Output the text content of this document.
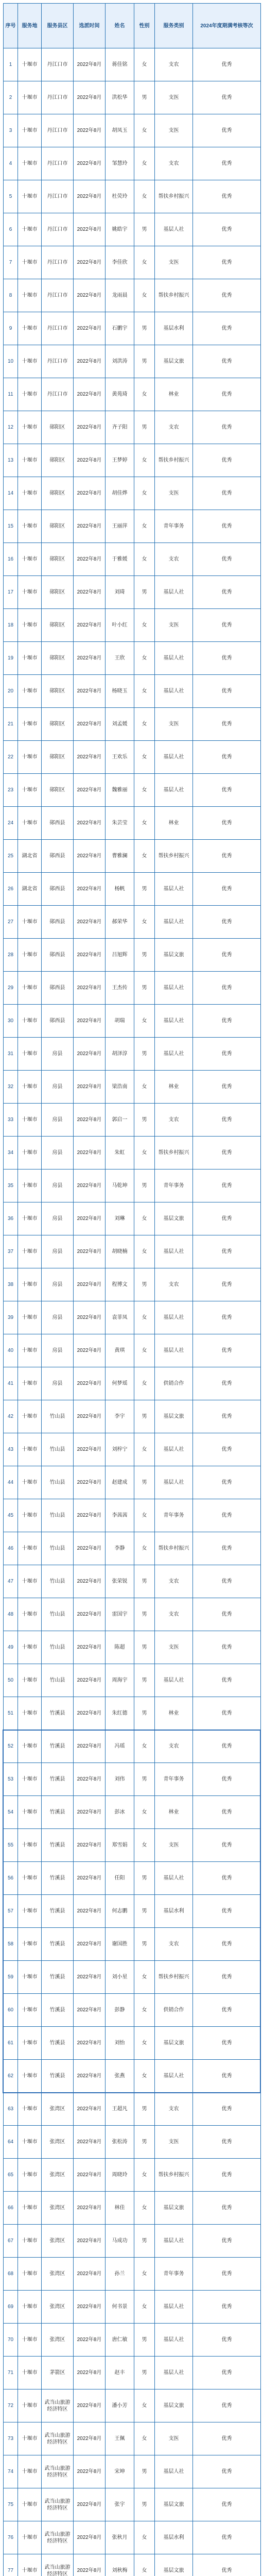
序号	服务地	服务县区	选派时间	姓名	性别	服务类别	2024年度期满考核等次
1	十堰市	丹江口市	2022年8月	蒋佳铭	女	支农	优秀
2	十堰市	丹江口市	2022年8月	洪松华	男	支医	优秀
3	十堰市	丹江口市	2022年8月	胡凤玉	女	支医	优秀
4	十堰市	丹江口市	2022年8月	邹慧玲	女	支农	优秀
5	十堰市	丹江口市	2022年8月	杜荧玲	女	帮扶乡村振兴	优秀
6	十堰市	丹江口市	2022年8月	姚皓宇	男	基层人社	优秀
7	十堰市	丹江口市	2022年8月	李佳欣	女	支医	优秀
8	十堰市	丹江口市	2022年8月	龙雨晨	女	帮扶乡村振兴	优秀
9	十堰市	丹江口市	2022年8月	石鹏宇	男	基层水利	优秀
10	十堰市	丹江口市	2022年8月	刘洪涛	男	基层文旅	优秀
11	十堰市	丹江口市	2022年8月	黄苑琦	女	林业	优秀
12	十堰市	郧阳区	2022年8月	齐子阳	男	支农	优秀
13	十堰市	郧阳区	2022年8月	王梦婷	女	帮扶乡村振兴	优秀
14	十堰市	郧阳区	2022年8月	胡佳烨	女	支医	优秀
15	十堰市	郧阳区	2022年8月	王丽萍	女	青年事务	优秀
16	十堰市	郧阳区	2022年8月	于雅媛	女	支农	优秀
17	十堰市	郧阳区	2022年8月	刘琦	男	基层人社	优秀
18	十堰市	郧阳区	2022年8月	叶小红	女	支医	优秀
19	十堰市	郧阳区	2022年8月	王欣	女	基层人社	优秀
20	十堰市	郧阳区	2022年8月	杨晓玉	女	基层人社	优秀
21	十堰市	郧阳区	2022年8月	刘孟媛	女	支医	优秀
22	十堰市	郧阳区	2022年8月	王欢乐	女	基层人社	优秀
23	十堰市	郧阳区	2022年8月	魏雅丽	女	基层人社	优秀
24	十堰市	郧西县	2022年8月	朱芸莹	女	林业	优秀
25	湖北省	郧西县	2022年8月	曹雅澜	女	帮扶乡村振兴	优秀
26	湖北省	郧西县	2022年8月	杨帆	男	基层人社	优秀
27	十堰市	郧西县	2022年8月	郝荣华	女	基层人社	优秀
28	十堰市	郧西县	2022年8月	吕旭辉	男	基层文旅	优秀
29	十堰市	郧西县	2022年8月	王杰传	男	基层人社	优秀
30	十堰市	郧西县	2022年8月	胡瑞	女	基层人社	优秀
31	十堰市	房县	2022年8月	胡泽淳	男	基层人社	优秀
32	十堰市	房县	2022年8月	梁浩南	女	林业	优秀
33	十堰市	房县	2022年8月	郭启一	男	支农	优秀
34	十堰市	房县	2022年8月	朱虹	女	帮扶乡村振兴	优秀
35	十堰市	房县	2022年8月	马乾坤	男	青年事务	优秀
36	十堰市	房县	2022年8月	刘琳	女	基层文旅	优秀
37	十堰市	房县	2022年8月	胡晓楠	女	基层人社	优秀
38	十堰市	房县	2022年8月	程博文	男	支农	优秀
39	十堰市	房县	2022年8月	袁菲凤	女	基层人社	优秀
40	十堰市	房县	2022年8月	黄琪	女	基层人社	优秀
41	十堰市	房县	2022年8月	何梦瑶	女	供销合作	优秀
42	十堰市	竹山县	2022年8月	李宇	男	基层文旅	优秀
43	十堰市	竹山县	2022年8月	刘梓宁	女	基层人社	优秀
44	十堰市	竹山县	2022年8月	赵建成	男	基层人社	优秀
45	十堰市	竹山县	2022年8月	李茜茜	女	青年事务	优秀
46	十堰市	竹山县	2022年8月	李静	女	帮扶乡村振兴	优秀
47	十堰市	竹山县	2022年8月	张荣锐	男	支农	优秀
48	十堰市	竹山县	2022年8月	雷国宇	男	支农	优秀
49	十堰市	竹山县	2022年8月	陈超	男	支医	优秀
50	十堰市	竹山县	2022年8月	周海宇	男	基层人社	优秀
51	十堰市	竹溪县	2022年8月	朱红德	男	林业	优秀
52	十堰市	竹溪县	2022年8月	冯瑶	女	支农	优秀
53	十堰市	竹溪县	2022年8月	刘伟	男	青年事务	优秀
54	十堰市	竹溪县	2022年8月	彭冰	女	林业	优秀
55	十堰市	竹溪县	2022年8月	郑雪娟	女	支医	优秀
56	十堰市	竹溪县	2022年8月	任阳	男	基层人社	优秀
57	十堰市	竹溪县	2022年8月	何志鹏	男	基层水利	优秀
58	十堰市	竹溪县	2022年8月	谢国胜	男	支农	优秀
59	十堰市	竹溪县	2022年8月	刘小星	女	帮扶乡村振兴	优秀
60	十堰市	竹溪县	2022年8月	彭静	女	供销合作	优秀
61	十堰市	竹溪县	2022年8月	刘怡	女	基层文旅	优秀
62	十堰市	竹溪县	2022年8月	张燕	女	基层人社	优秀
63	十堰市	张湾区	2022年8月	王超凡	男	支农	优秀
64	十堰市	张湾区	2022年8月	张松涛	男	支医	优秀
65	十堰市	张湾区	2022年8月	周晓玲	女	帮扶乡村振兴	优秀
66	十堰市	张湾区	2022年8月	林佳	女	基层文旅	优秀
67	十堰市	张湾区	2022年8月	马成功	男	基层人社	优秀
68	十堰市	张湾区	2022年8月	孙兰	女	青年事务	优秀
69	十堰市	张湾区	2022年8月	何书景	女	基层人社	优秀
70	十堰市	张湾区	2022年8月	唐仁敏	男	基层人社	优秀
71	十堰市	茅箭区	2022年8月	赵丰	男	基层人社	优秀
72	十堰市	武当山旅游经济特区	2022年8月	潘小芳	女	基层文旅	优秀
73	十堰市	武当山旅游经济特区	2022年8月	王佩	女	支医	优秀
74	十堰市	武当山旅游经济特区	2022年8月	宋坤	男	基层人社	优秀
75	十堰市	武当山旅游经济特区	2022年8月	张宇	男	基层文旅	优秀
76	十堰市	武当山旅游经济特区	2022年8月	张秋月	女	基层水利	优秀
77	十堰市	武当山旅游经济特区	2022年8月	刘秋梅	女	基层文旅	优秀
